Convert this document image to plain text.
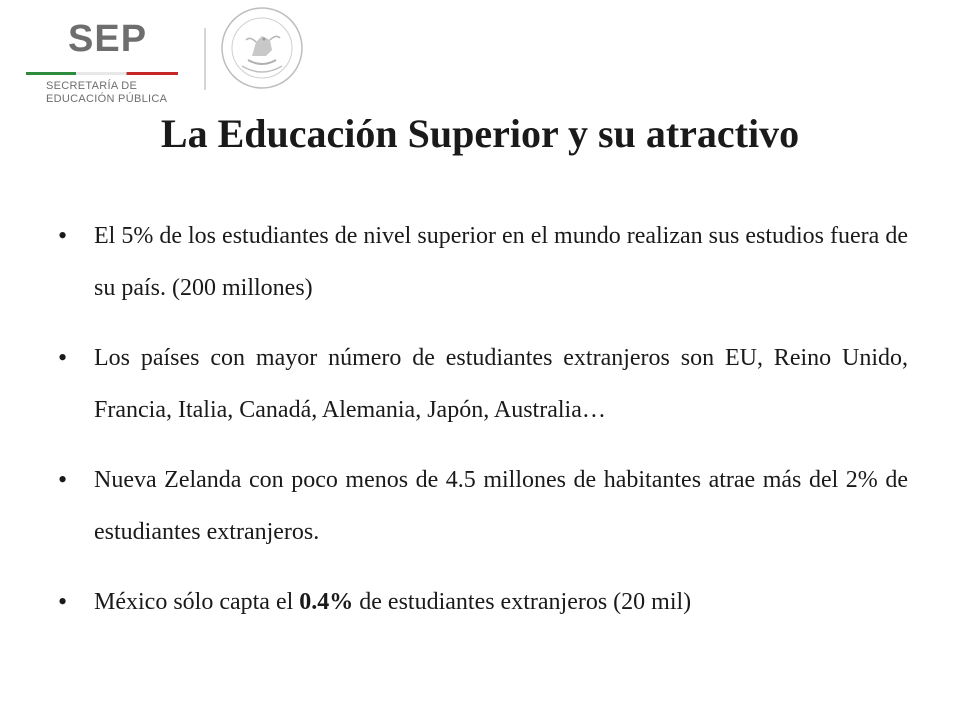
SEP
SECRETARÍA DE
EDUCACIÓN PÚBLICA
La Educación Superior y su atractivo
•	El 5% de los estudiantes de nivel superior en el mundo realizan sus estudios fuera de su país. (200 millones)
•	Los países con mayor número de estudiantes extranjeros son EU, Reino Unido, Francia, Italia, Canadá, Alemania, Japón, Australia…
•	Nueva Zelanda con poco menos de 4.5 millones de habitantes atrae más del 2% de estudiantes extranjeros.
•	México sólo capta el 0.4% de estudiantes extranjeros (20 mil)
